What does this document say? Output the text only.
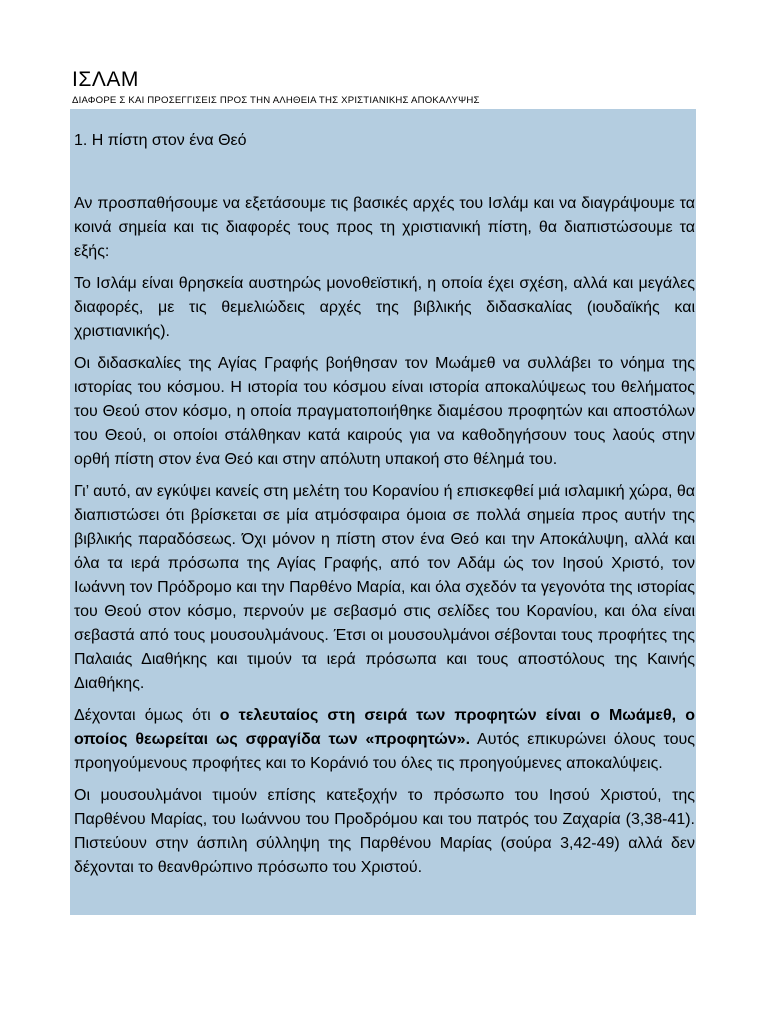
ΙΣΛΑΜ
ΔΙΑΦΟΡΕ Σ ΚΑΙ ΠΡΟΣΕΓΓΙΣΕΙΣ ΠΡΟΣ ΤΗΝ ΑΛΗΘΕΙΑ ΤΗΣ ΧΡΙΣΤΙΑΝΙΚΗΣ ΑΠΟΚΑΛΥΨΗΣ

1. Η πίστη στον ένα Θεό

Αν προσπαθήσουμε να εξετάσουμε τις βασικές αρχές του Ισλάμ και να διαγράψουμε τα κοινά σημεία και τις διαφορές τους προς τη χριστιανική πίστη, θα διαπιστώσουμε τα εξής:

Το Ισλάμ είναι θρησκεία αυστηρώς μονοθεϊστική, η οποία έχει σχέση, αλλά και μεγάλες διαφορές, με τις θεμελιώδεις αρχές της βιβλικής διδασκαλίας (ιουδαϊκής και χριστιανικής).

Οι διδασκαλίες της Αγίας Γραφής βοήθησαν τον Μωάμεθ να συλλάβει το νόημα της ιστορίας του κόσμου. Η ιστορία του κόσμου είναι ιστορία αποκαλύψεως του θελήματος του Θεού στον κόσμο, η οποία πραγματοποιήθηκε διαμέσου προφητών και αποστόλων του Θεού, οι οποίοι στάλθηκαν κατά καιρούς για να καθοδηγήσουν τους λαούς στην ορθή πίστη στον ένα Θεό και στην απόλυτη υπακοή στο θέλημά του.

Γι’ αυτό, αν εγκύψει κανείς στη μελέτη του Κορανίου ή επισκεφθεί μιά ισλαμική χώρα, θα διαπιστώσει ότι βρίσκεται σε μία ατμόσφαιρα όμοια σε πολλά σημεία προς αυτήν της βιβλικής παραδόσεως. Όχι μόνον η πίστη στον ένα Θεό και την Αποκάλυψη, αλλά και όλα τα ιερά πρόσωπα της Αγίας Γραφής, από τον Αδάμ ώς τον Ιησού Χριστό, τον Ιωάννη τον Πρόδρομο και την Παρθένο Μαρία, και όλα σχεδόν τα γεγονότα της ιστορίας του Θεού στον κόσμο, περνούν με σεβασμό στις σελίδες του Κορανίου, και όλα είναι σεβαστά από τους μουσουλμάνους. Έτσι οι μουσουλμάνοι σέβονται τους προφήτες της Παλαιάς Διαθήκης και τιμούν τα ιερά πρόσωπα και τους αποστόλους της Καινής Διαθήκης.

Δέχονται όμως ότι ο τελευταίος στη σειρά των προφητών είναι ο Μωάμεθ, ο οποίος θεωρείται ως σφραγίδα των «προφητών». Αυτός επικυρώνει όλους τους προηγούμενους προφήτες και το Κοράνιό του όλες τις προηγούμενες αποκαλύψεις.

Οι μουσουλμάνοι τιμούν επίσης κατεξοχήν το πρόσωπο του Ιησού Χριστού, της Παρθένου Μαρίας, του Ιωάννου του Προδρόμου και του πατρός του Ζαχαρία (3,38-41). Πιστεύουν στην άσπιλη σύλληψη της Παρθένου Μαρίας (σούρα 3,42-49) αλλά δεν δέχονται το θεανθρώπινο πρόσωπο του Χριστού.
